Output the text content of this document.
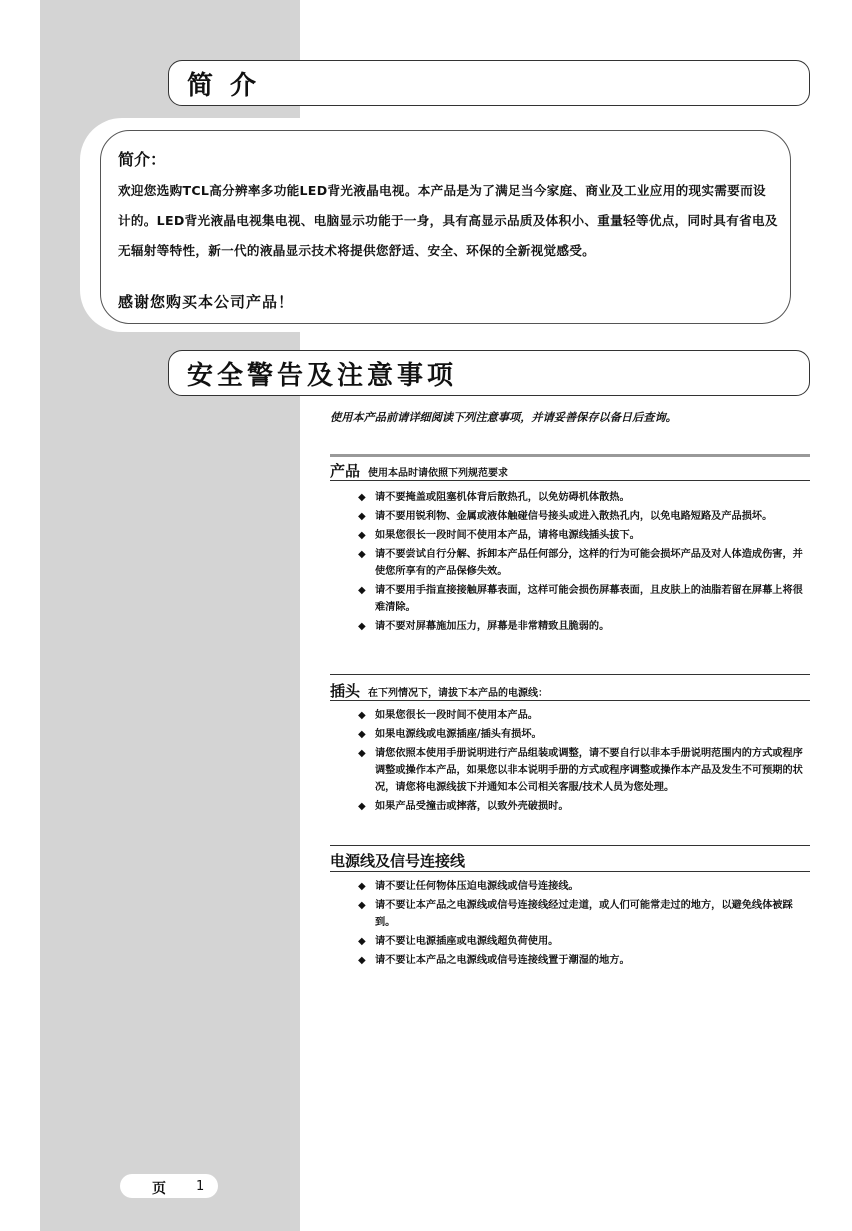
简 介
简介：
欢迎您选购TCL高分辨率多功能LED背光液晶电视。本产品是为了满足当今家庭、商业及工业应用的现实需要而设计的。LED背光液晶电视集电视、电脑显示功能于一身，具有高显示品质及体积小、重量轻等优点，同时具有省电及无辐射等特性，新一代的液晶显示技术将提供您舒适、安全、环保的全新视觉感受。
感谢您购买本公司产品！
安全警告及注意事项
使用本产品前请详细阅读下列注意事项，并请妥善保存以备日后查询。
产品 使用本品时请依照下列规范要求
◆ 请不要掩盖或阻塞机体背后散热孔，以免妨碍机体散热。
◆ 请不要用锐利物、金属或液体触碰信号接头或进入散热孔内，以免电路短路及产品损坏。
◆ 如果您很长一段时间不使用本产品，请将电源线插头拔下。
◆ 请不要尝试自行分解、拆卸本产品任何部分，这样的行为可能会损坏产品及对人体造成伤害，并使您所享有的产品保修失效。
◆ 请不要用手指直接接触屏幕表面，这样可能会损伤屏幕表面，且皮肤上的油脂若留在屏幕上将很难清除。
◆ 请不要对屏幕施加压力，屏幕是非常精致且脆弱的。
插头 在下列情况下，请拔下本产品的电源线：
◆ 如果您很长一段时间不使用本产品。
◆ 如果电源线或电源插座/插头有损坏。
◆ 请您依照本使用手册说明进行产品组装或调整，请不要自行以非本手册说明范围内的方式或程序调整或操作本产品，如果您以非本说明手册的方式或程序调整或操作本产品及发生不可预期的状况，请您将电源线拔下并通知本公司相关客服/技术人员为您处理。
◆ 如果产品受撞击或摔落，以致外壳破损时。
电源线及信号连接线
◆ 请不要让任何物体压迫电源线或信号连接线。
◆ 请不要让本产品之电源线或信号连接线经过走道，或人们可能常走过的地方，以避免线体被踩到。
◆ 请不要让电源插座或电源线超负荷使用。
◆ 请不要让本产品之电源线或信号连接线置于潮湿的地方。
页 1
